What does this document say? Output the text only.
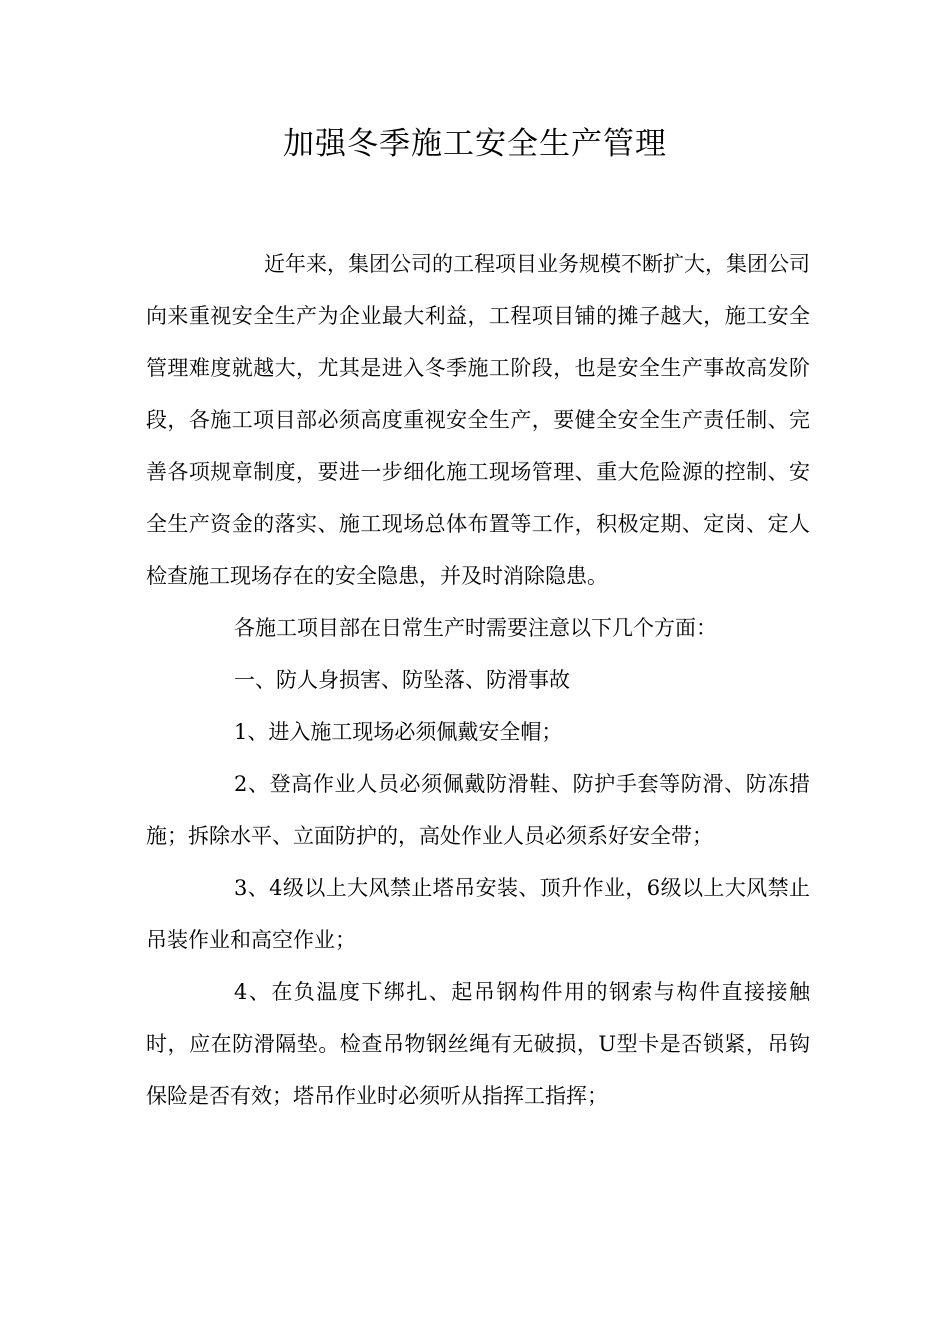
加强冬季施工安全生产管理

近年来，集团公司的工程项目业务规模不断扩大，集团公司向来重视安全生产为企业最大利益，工程项目铺的摊子越大，施工安全管理难度就越大，尤其是进入冬季施工阶段，也是安全生产事故高发阶段，各施工项目部必须高度重视安全生产，要健全安全生产责任制、完善各项规章制度，要进一步细化施工现场管理、重大危险源的控制、安全生产资金的落实、施工现场总体布置等工作，积极定期、定岗、定人检查施工现场存在的安全隐患，并及时消除隐患。

各施工项目部在日常生产时需要注意以下几个方面：

一、防人身损害、防坠落、防滑事故

1、进入施工现场必须佩戴安全帽；

2、登高作业人员必须佩戴防滑鞋、防护手套等防滑、防冻措施；拆除水平、立面防护的，高处作业人员必须系好安全带；

3、4级以上大风禁止塔吊安装、顶升作业，6级以上大风禁止吊装作业和高空作业；

4、在负温度下绑扎、起吊钢构件用的钢索与构件直接接触时，应在防滑隔垫。检查吊物钢丝绳有无破损，U型卡是否锁紧，吊钩保险是否有效；塔吊作业时必须听从指挥工指挥；
